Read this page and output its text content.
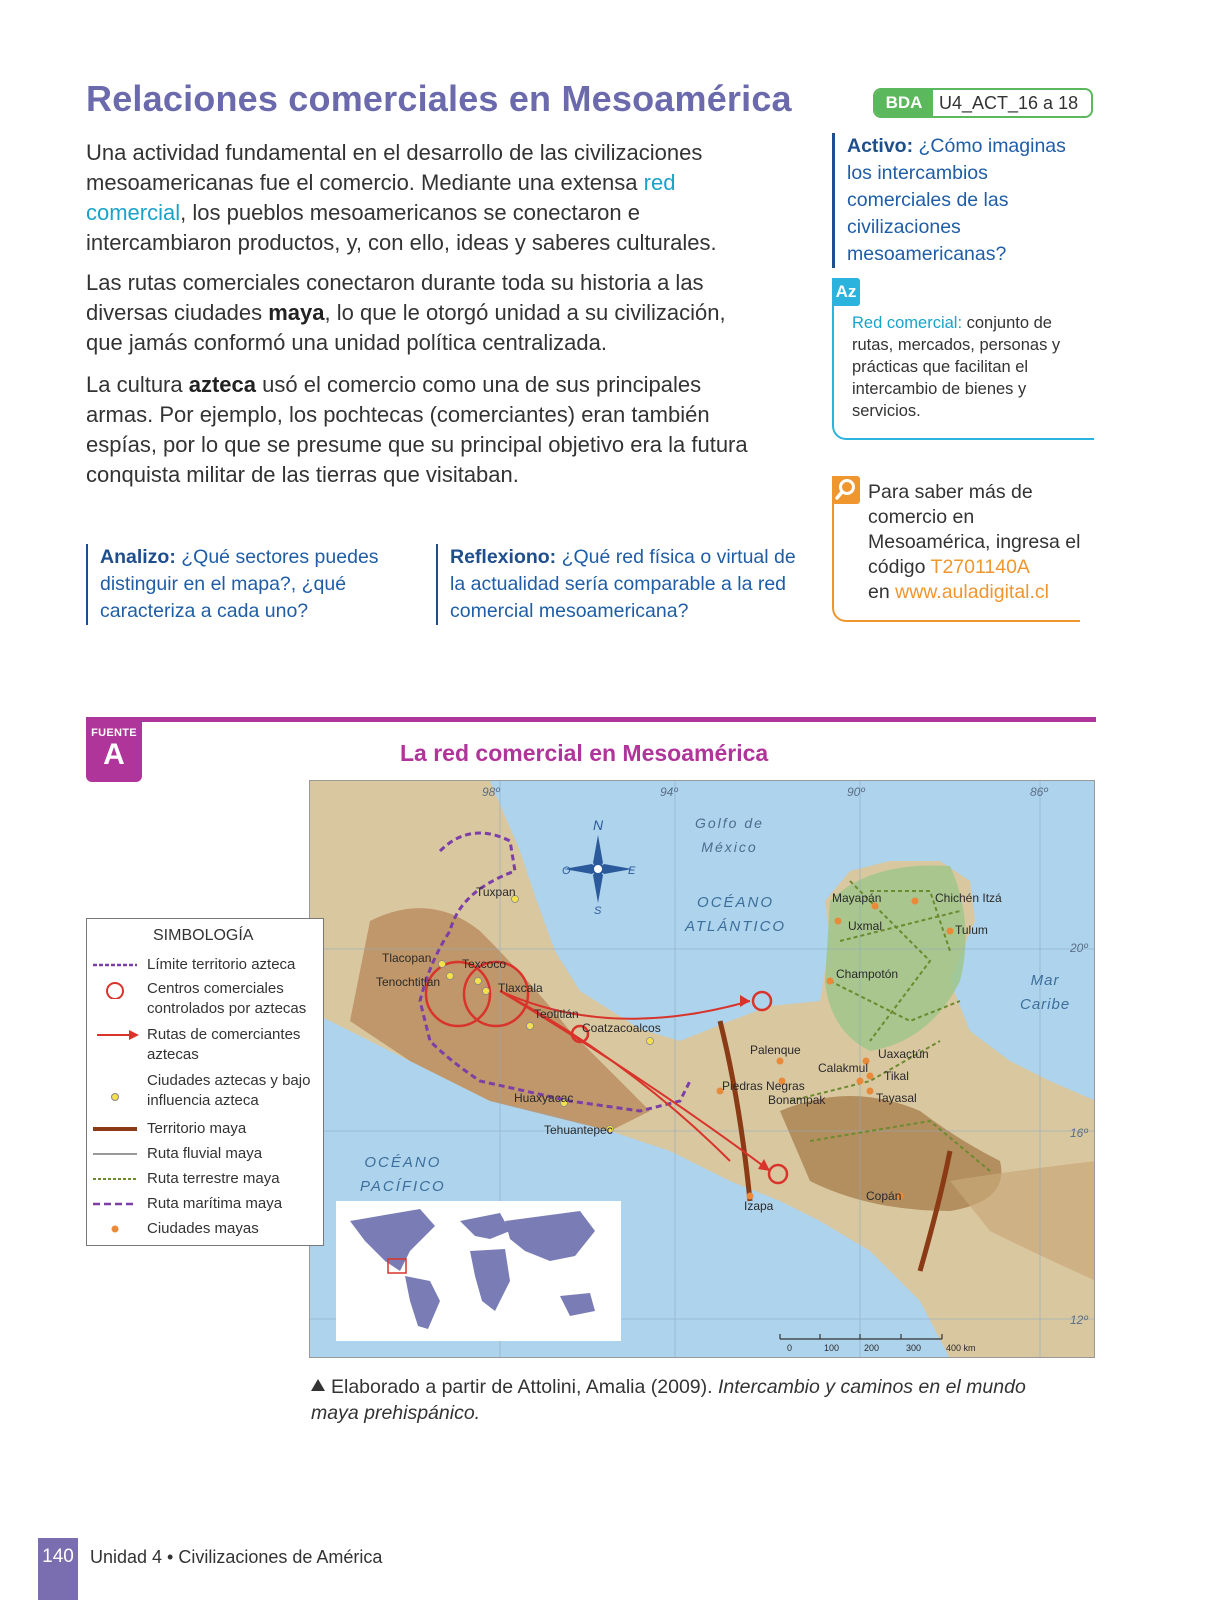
Relaciones comerciales en Mesoamérica	BDA U4_ACT_16 a 18
Una actividad fundamental en el desarrollo de las civilizaciones mesoamericanas fue el comercio. Mediante una extensa red comercial, los pueblos mesoamericanos se conectaron e intercambiaron productos, y, con ello, ideas y saberes culturales.
Las rutas comerciales conectaron durante toda su historia a las diversas ciudades maya, lo que le otorgó unidad a su civilización, que jamás conformó una unidad política centralizada.
La cultura azteca usó el comercio como una de sus principales armas. Por ejemplo, los pochtecas (comerciantes) eran también espías, por lo que se presume que su principal objetivo era la futura conquista militar de las tierras que visitaban.
Activo: ¿Cómo imaginas los intercambios comerciales de las civilizaciones mesoamericanas?
Az
Red comercial: conjunto de rutas, mercados, personas y prácticas que facilitan el intercambio de bienes y servicios.
Para saber más de comercio en Mesoamérica, ingresa el código T2701140A
en www.auladigital.cl
Analizo: ¿Qué sectores puedes distinguir en el mapa?, ¿qué caracteriza a cada uno?
Reflexiono: ¿Qué red física o virtual de la actualidad sería comparable a la red comercial mesoamericana?
FUENTE
A	La red comercial en Mesoamérica
98º	94º	90º	86º
20º
16º
12º
Golfo de
México
OCÉANO
ATLÁNTICO
OCÉANO
PACÍFICO
Mar
Caribe
N
S
E
O
Tuxpan
Tlacopan
Tenochtitlan
Texcoco
Tlaxcala
Teotitlán
Coatzacoalcos
Huaxyacac
Tehuantepec
Mayapán	Chichén Itzá
Uxmal	Tulum
Champotón
Palenque
Piedras Negras
Bonampak
Calakmul
Uaxactún
Tikal
Tayasal
Izapa
Copán
0	100	200	300	400 km
SIMBOLOGÍA
Límite territorio azteca
Centros comerciales controlados por aztecas
Rutas de comerciantes aztecas
Ciudades aztecas y bajo influencia azteca
Territorio maya
Ruta fluvial maya
Ruta terrestre maya
Ruta marítima maya
Ciudades mayas
Elaborado a partir de Attolini, Amalia (2009). Intercambio y caminos en el mundo maya prehispánico.
140 Unidad 4 • Civilizaciones de América
